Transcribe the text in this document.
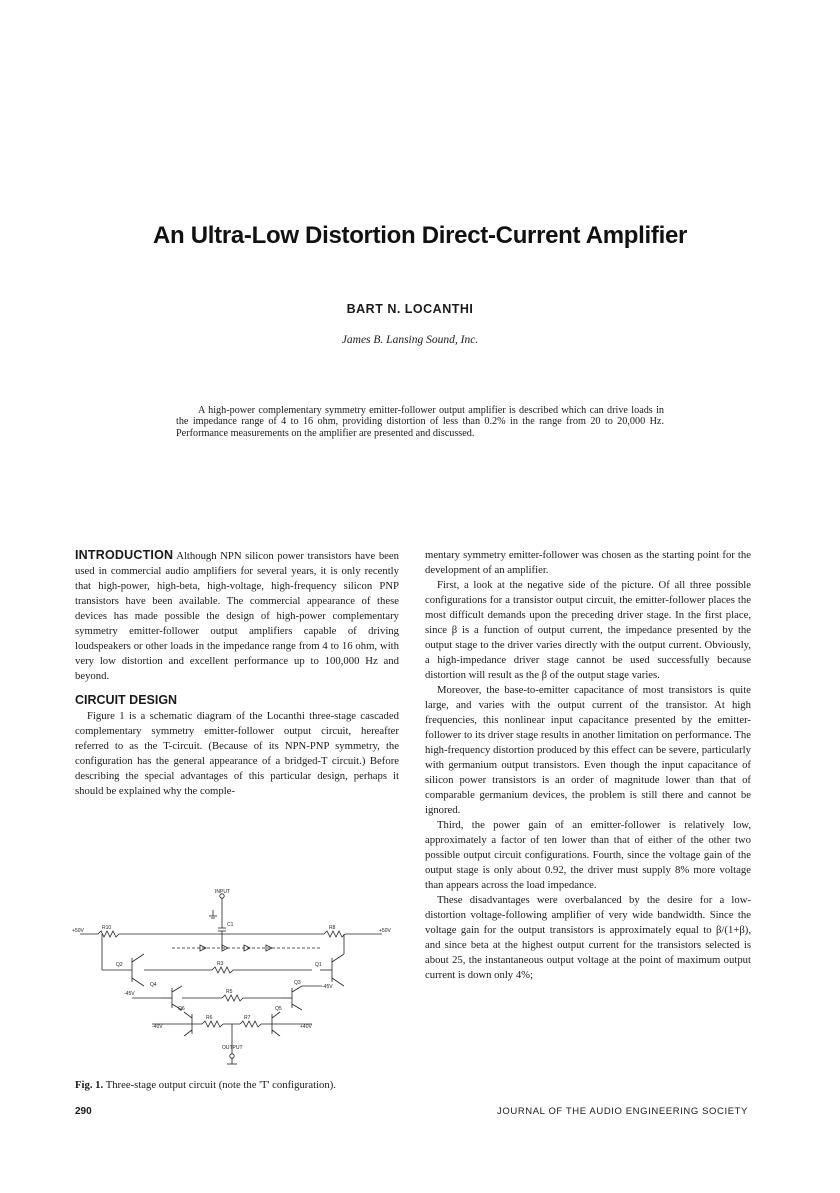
An Ultra-Low Distortion Direct-Current Amplifier
BART N. LOCANTHI
James B. Lansing Sound, Inc.

A high-power complementary symmetry emitter-follower output amplifier is described which can drive loads in the impedance range of 4 to 16 ohm, providing distortion of less than 0.2% in the range from 20 to 20,000 Hz. Performance measurements on the amplifier are presented and discussed.

INTRODUCTION Although NPN silicon power transistors have been used in commercial audio amplifiers for several years, it is only recently that high-power, high-beta, high-voltage, high-frequency silicon PNP transistors have been available. The commercial appearance of these devices has made possible the design of high-power complementary symmetry emitter-follower output amplifiers capable of driving loudspeakers or other loads in the impedance range from 4 to 16 ohm, with very low distortion and excellent performance up to 100,000 Hz and beyond.

CIRCUIT DESIGN

Figure 1 is a schematic diagram of the Locanthi three-stage cascaded complementary symmetry emitter-follower output circuit, hereafter referred to as the T-circuit. (Because of its NPN-PNP symmetry, the configuration has the general appearance of a bridged-T circuit.) Before describing the special advantages of this particular design, perhaps it should be explained why the comple-

mentary symmetry emitter-follower was chosen as the starting point for the development of an amplifier.

First, a look at the negative side of the picture. Of all three possible configurations for a transistor output circuit, the emitter-follower places the most difficult demands upon the preceding driver stage. In the first place, since β is a function of output current, the impedance presented by the output stage to the driver varies directly with the output current. Obviously, a high-impedance driver stage cannot be used successfully because distortion will result as the β of the output stage varies.

Moreover, the base-to-emitter capacitance of most transistors is quite large, and varies with the output current of the transistor. At high frequencies, this nonlinear input capacitance presented by the emitter-follower to its driver stage results in another limitation on performance. The high-frequency distortion produced by this effect can be severe, particularly with germanium output transistors. Even though the input capacitance of silicon power transistors is an order of magnitude lower than that of comparable germanium devices, the problem is still there and cannot be ignored.

Third, the power gain of an emitter-follower is relatively low, approximately a factor of ten lower than that of either of the other two possible output circuit configurations. Fourth, since the voltage gain of the output stage is only about 0.92, the driver must supply 8% more voltage than appears across the load impedance.

These disadvantages were overbalanced by the desire for a low-distortion voltage-following amplifier of very wide bandwidth. Since the voltage gain for the output transistors is approximately equal to β/(1+β), and since beta at the highest output current for the transistors selected is about 25, the instantaneous output voltage at the point of maximum output current is down only 4%;

INPUT
+50V	+50V
R10	R8
C1
Q2	Q1
R3
R5
Q4	Q3
-45V
-45V
R6	R7
Q6	Q5
-40V	+40V
OUTPUT
Fig. 1. Three-stage output circuit (note the 'T' configuration).
290	JOURNAL OF THE AUDIO ENGINEERING SOCIETY
